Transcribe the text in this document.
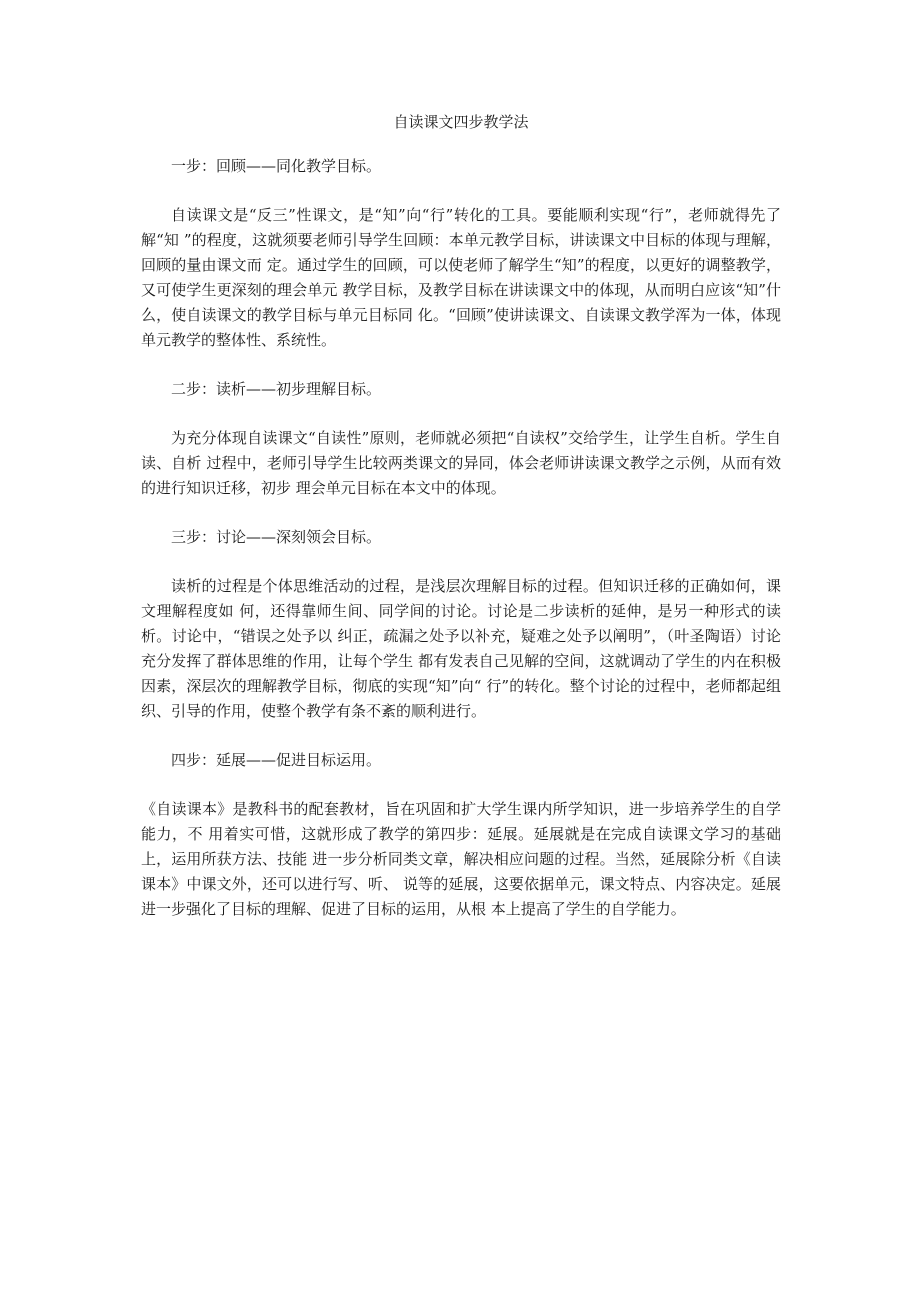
自读课文四步教学法

一步：回顾——同化教学目标。

自读课文是“反三”性课文，是“知”向“行”转化的工具。要能顺利实现“行”，老师就得先了解“知 ”的程度，这就须要老师引导学生回顾：本单元教学目标，讲读课文中目标的体现与理解，回顾的量由课文而 定。通过学生的回顾，可以使老师了解学生“知”的程度，以更好的调整教学，又可使学生更深刻的理会单元 教学目标，及教学目标在讲读课文中的体现，从而明白应该“知”什么，使自读课文的教学目标与单元目标同 化。“回顾”使讲读课文、自读课文教学浑为一体，体现单元教学的整体性、系统性。

二步：读析——初步理解目标。

为充分体现自读课文“自读性”原则，老师就必须把“自读权”交给学生，让学生自析。学生自读、自析 过程中，老师引导学生比较两类课文的异同，体会老师讲读课文教学之示例，从而有效的进行知识迁移，初步 理会单元目标在本文中的体现。

三步：讨论——深刻领会目标。

读析的过程是个体思维活动的过程，是浅层次理解目标的过程。但知识迁移的正确如何，课文理解程度如 何，还得靠师生间、同学间的讨论。讨论是二步读析的延伸，是另一种形式的读析。讨论中，“错误之处予以 纠正，疏漏之处予以补充，疑难之处予以阐明”，（叶圣陶语）讨论充分发挥了群体思维的作用，让每个学生 都有发表自己见解的空间，这就调动了学生的内在积极因素，深层次的理解教学目标，彻底的实现“知”向“ 行”的转化。整个讨论的过程中，老师都起组织、引导的作用，使整个教学有条不紊的顺利进行。

四步：延展——促进目标运用。

《自读课本》是教科书的配套教材，旨在巩固和扩大学生课内所学知识，进一步培养学生的自学能力，不 用着实可惜，这就形成了教学的第四步：延展。延展就是在完成自读课文学习的基础上，运用所获方法、技能 进一步分析同类文章，解决相应问题的过程。当然，延展除分析《自读课本》中课文外，还可以进行写、听、 说等的延展，这要依据单元，课文特点、内容决定。延展进一步强化了目标的理解、促进了目标的运用，从根 本上提高了学生的自学能力。
